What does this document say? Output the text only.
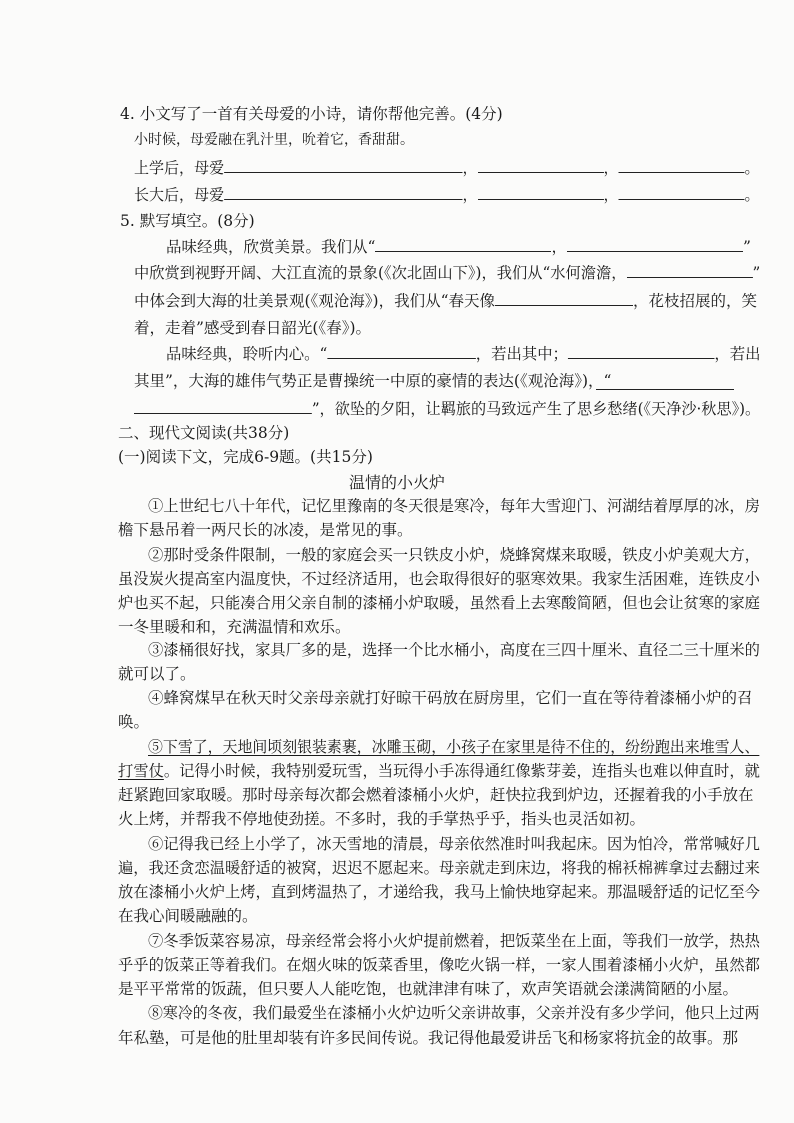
4. 小文写了一首有关母爱的小诗，请你帮他完善。(4分)
小时候，母爱融在乳汁里，吮着它，香甜甜。
上学后，母爱	，	，	。
长大后，母爱	，	，	。
5. 默写填空。(8分)
品味经典，欣赏美景。我们从“	，	”
中欣赏到视野开阔、大江直流的景象(《次北固山下》)，我们从“水何澹澹，	”
中体会到大海的壮美景观(《观沧海》)，我们从“春天像	，花枝招展的，笑
着，走着”感受到春日韶光(《春》)。
品味经典，聆听内心。“	，若出其中；	，若出
其里”，大海的雄伟气势正是曹操统一中原的豪情的表达(《观沧海》)，“
”，欲坠的夕阳，让羁旅的马致远产生了思乡愁绪(《天净沙·秋思》)。
二、现代文阅读(共38分)
(一)阅读下文，完成6-9题。(共15分)
温情的小火炉
①上世纪七八十年代，记忆里豫南的冬天很是寒冷，每年大雪迎门、河湖结着厚厚的冰，房
檐下悬吊着一两尺长的冰凌，是常见的事。
②那时受条件限制，一般的家庭会买一只铁皮小炉，烧蜂窝煤来取暖，铁皮小炉美观大方，
虽没炭火提高室内温度快，不过经济适用，也会取得很好的驱寒效果。我家生活困难，连铁皮小
炉也买不起，只能凑合用父亲自制的漆桶小炉取暖，虽然看上去寒酸简陋，但也会让贫寒的家庭
一冬里暖和和，充满温情和欢乐。
③漆桶很好找，家具厂多的是，选择一个比水桶小，高度在三四十厘米、直径二三十厘米的
就可以了。
④蜂窝煤早在秋天时父亲母亲就打好晾干码放在厨房里，它们一直在等待着漆桶小炉的召
唤。
⑤下雪了，天地间顷刻银装素裹，冰雕玉砌，小孩子在家里是待不住的，纷纷跑出来堆雪人、
打雪仗。记得小时候，我特别爱玩雪，当玩得小手冻得通红像紫芽姜，连指头也难以伸直时，就
赶紧跑回家取暖。那时母亲每次都会燃着漆桶小火炉，赶快拉我到炉边，还握着我的小手放在
火上烤，并帮我不停地使劲搓。不多时，我的手掌热乎乎，指头也灵活如初。
⑥记得我已经上小学了，冰天雪地的清晨，母亲依然准时叫我起床。因为怕冷，常常喊好几
遍，我还贪恋温暖舒适的被窝，迟迟不愿起来。母亲就走到床边，将我的棉袄棉裤拿过去翻过来
放在漆桶小火炉上烤，直到烤温热了，才递给我，我马上愉快地穿起来。那温暖舒适的记忆至今
在我心间暖融融的。
⑦冬季饭菜容易凉，母亲经常会将小火炉提前燃着，把饭菜坐在上面，等我们一放学，热热
乎乎的饭菜正等着我们。在烟火味的饭菜香里，像吃火锅一样，一家人围着漆桶小火炉，虽然都
是平平常常的饭蔬，但只要人人能吃饱，也就津津有味了，欢声笑语就会漾满简陋的小屋。
⑧寒冷的冬夜，我们最爱坐在漆桶小火炉边听父亲讲故事，父亲并没有多少学问，他只上过两
年私塾，可是他的肚里却装有许多民间传说。我记得他最爱讲岳飞和杨家将抗金的故事。那
